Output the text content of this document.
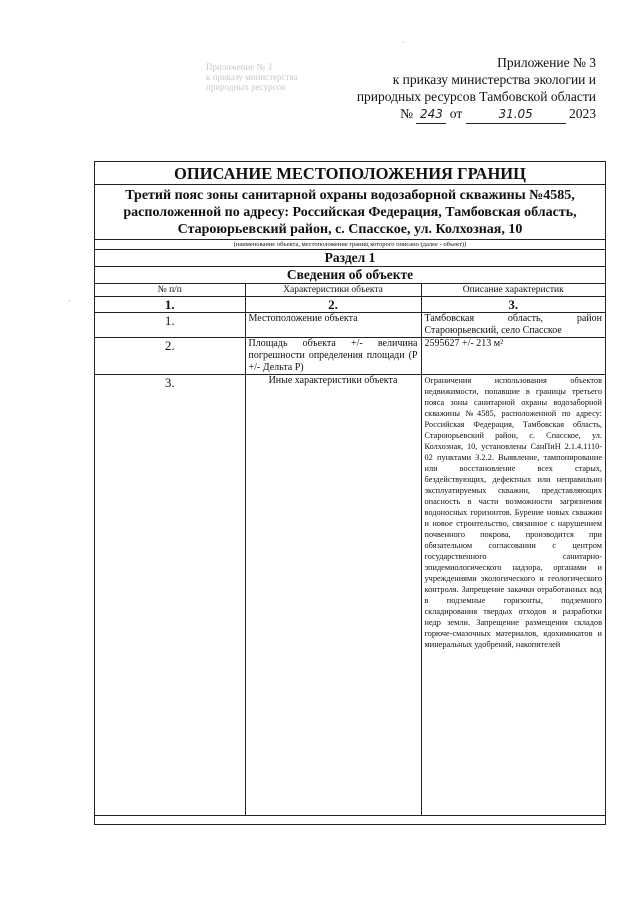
Приложение № 3
к приказу министерства
природных ресурсов
·
·
Приложение № 3
к приказу министерства экологии и
природных ресурсов Тамбовской области
№ 243 от	31.05	2023
ОПИСАНИЕ МЕСТОПОЛОЖЕНИЯ ГРАНИЦ
Третий пояс зоны санитарной охраны водозаборной скважины №4585, расположенной по адресу: Российская Федерация, Тамбовская область, Староюрьевский район, с. Спасское, ул. Колхозная, 10
(наименование объекта, местоположение границ которого описано (далее - объект))
Раздел 1
Сведения об объекте
№ п/п	Характеристики объекта	Описание характеристик
1.	2.	3.
1.	Местоположение объекта	Тамбовская область, район Староюрьевский, село Спасское
2.	Площадь объекта +/- величина погрешности определения площади (Р +/- Дельта Р)	2595627 +/- 213 м²
3.	Иные характеристики объекта	Ограничения использования объектов недвижимости, попавшие в границы третьего пояса зоны санитарной охраны водозаборной скважины №4585, расположенной по адресу: Российская Федерация, Тамбовская область, Староюрьевский район, с. Спасское, ул. Колхозная, 10, установлены СанПиН 2.1.4.1110-02 пунктами 3.2.2. Выявление, тампонирование или восстановление всех старых, бездействующих, дефектных или неправильно эксплуатируемых скважин, представляющих опасность в части возможности загрязнения водоносных горизонтов. Бурение новых скважин и новое строительство, связанное с нарушением почвенного покрова, производится при обязательном согласовании с центром государственного санитарно-эпидемиологического надзора, органами и учреждениями экологического и геологического контроля. Запрещение закачки отработанных вод в подземные горизонты, подземного складирования твердых отходов и разработки недр земли. Запрещение размещения складов горюче-смазочных материалов, ядохимикатов и минеральных удобрений, накопителей
